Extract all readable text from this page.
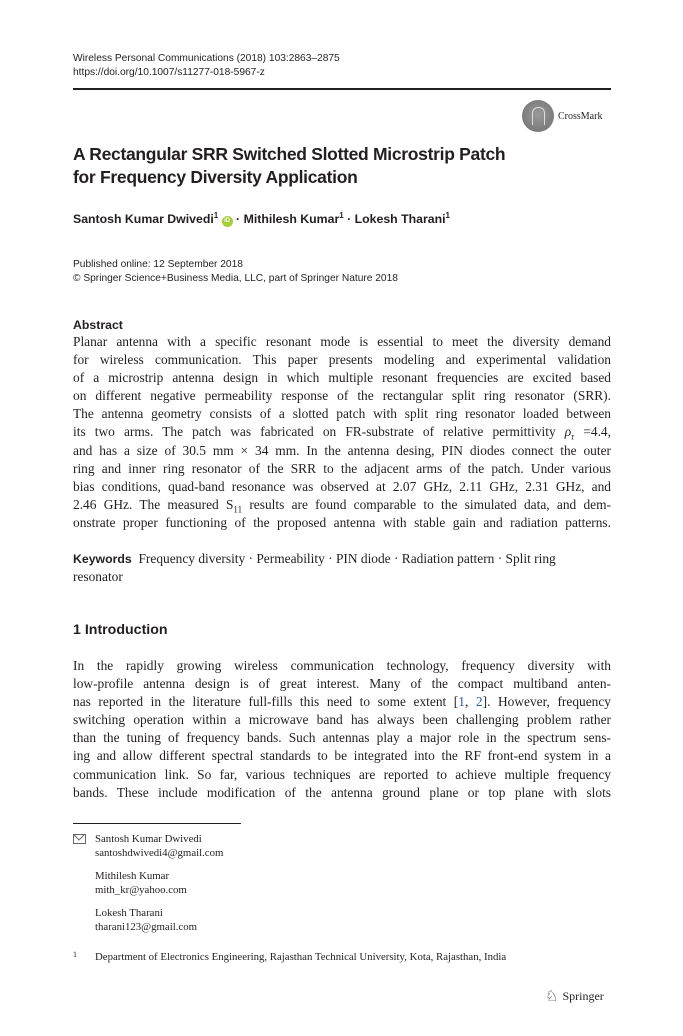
Wireless Personal Communications (2018) 103:2863–2875
https://doi.org/10.1007/s11277-018-5967-z
CrossMark
A Rectangular SRR Switched Slotted Microstrip Patch
for Frequency Diversity Application
Santosh Kumar Dwivedi$^1$ iD · Mithilesh Kumar$^1$ · Lokesh Tharani$^1$
Published online: 12 September 2018
© Springer Science+Business Media, LLC, part of Springer Nature 2018
Abstract
Planar antenna with a specific resonant mode is essential to meet the diversity demand
for wireless communication. This paper presents modeling and experimental validation
of a microstrip antenna design in which multiple resonant frequencies are excited based
on different negative permeability response of the rectangular split ring resonator (SRR).
The antenna geometry consists of a slotted patch with split ring resonator loaded between
its two arms. The patch was fabricated on FR-substrate of relative permittivity $\rho_r =4.4$,
and has a size of 30.5 mm × 34 mm. In the antenna desing, PIN diodes connect the outer
ring and inner ring resonator of the SRR to the adjacent arms of the patch. Under various
bias conditions, quad-band resonance was observed at 2.07 GHz, 2.11 GHz, 2.31 GHz, and
2.46 GHz. The measured $S_{11}$ results are found comparable to the simulated data, and dem-
onstrate proper functioning of the proposed antenna with stable gain and radiation patterns.
Keywords Frequency diversity · Permeability · PIN diode · Radiation pattern · Split ring
resonator
1 Introduction
In the rapidly growing wireless communication technology, frequency diversity with
low-profile antenna design is of great interest. Many of the compact multiband anten-
nas reported in the literature full-fills this need to some extent [1, 2]. However, frequency
switching operation within a microwave band has always been challenging problem rather
than the tuning of frequency bands. Such antennas play a major role in the spectrum sens-
ing and allow different spectral standards to be integrated into the RF front-end system in a
communication link. So far, various techniques are reported to achieve multiple frequency
bands. These include modification of the antenna ground plane or top plane with slots
Santosh Kumar Dwivedi
santoshdwivedi4@gmail.com
Mithilesh Kumar
mith_kr@yahoo.com
Lokesh Tharani
tharani123@gmail.com
1	Department of Electronics Engineering, Rajasthan Technical University, Kota, Rajasthan, India
♘ Springer
